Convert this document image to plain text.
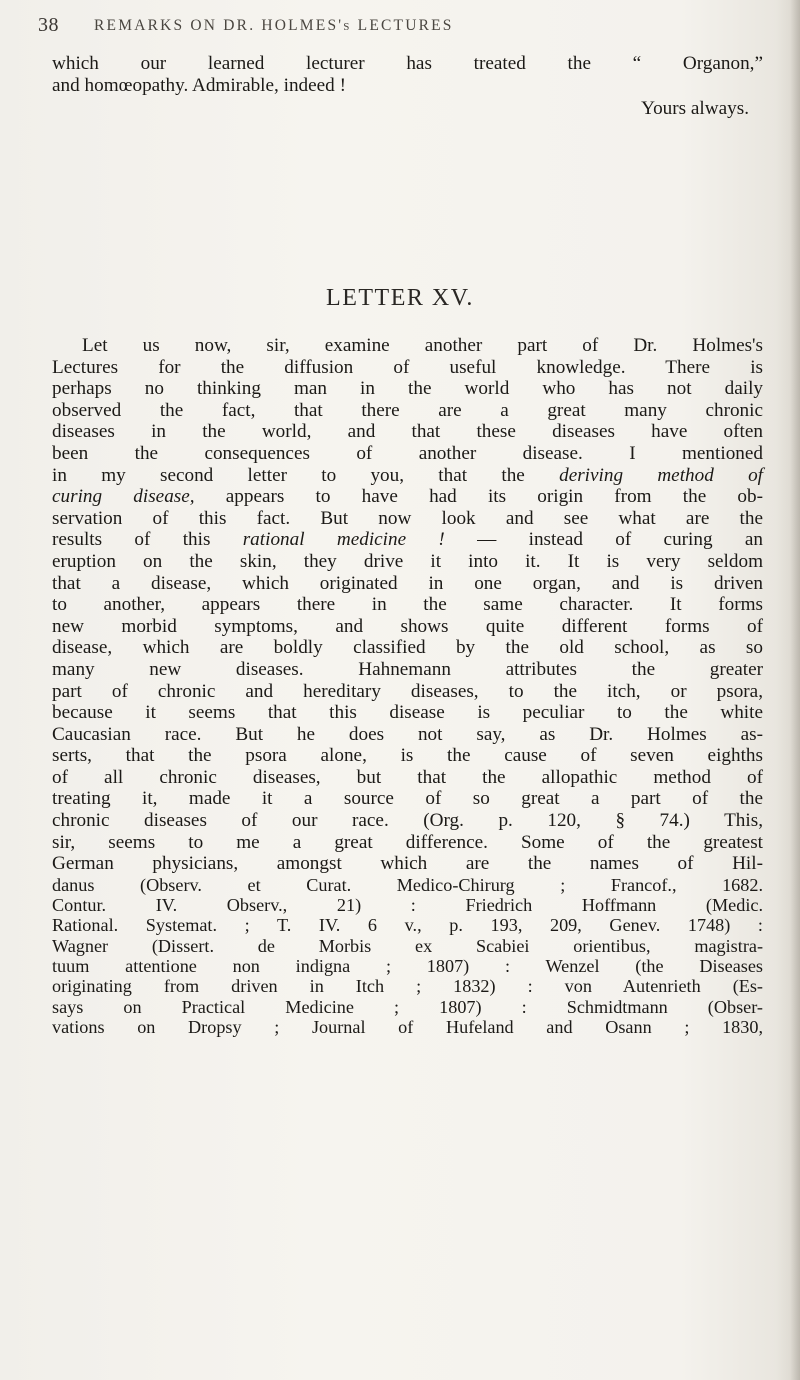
38 REMARKS ON DR. HOLMES's LECTURES
which our learned lecturer has treated the “ Organon,”
and homœopathy. Admirable, indeed !
Yours always.
LETTER XV.
Let us now, sir, examine another part of Dr. Holmes's
Lectures for the diffusion of useful knowledge. There is
perhaps no thinking man in the world who has not daily
observed the fact, that there are a great many chronic
diseases in the world, and that these diseases have often
been the consequences of another disease. I mentioned
in my second letter to you, that the deriving method of
curing disease, appears to have had its origin from the ob-
servation of this fact. But now look and see what are the
results of this rational medicine ! — instead of curing an
eruption on the skin, they drive it into it. It is very seldom
that a disease, which originated in one organ, and is driven
to another, appears there in the same character. It forms
new morbid symptoms, and shows quite different forms of
disease, which are boldly classified by the old school, as so
many new diseases. Hahnemann attributes the greater
part of chronic and hereditary diseases, to the itch, or psora,
because it seems that this disease is peculiar to the white
Caucasian race. But he does not say, as Dr. Holmes as-
serts, that the psora alone, is the cause of seven eighths
of all chronic diseases, but that the allopathic method of
treating it, made it a source of so great a part of the
chronic diseases of our race. (Org. p. 120, § 74.) This,
sir, seems to me a great difference. Some of the greatest
German physicians, amongst which are the names of Hil-
danus (Observ. et Curat. Medico-Chirurg ; Francof., 1682.
Contur. IV. Observ., 21) : Friedrich Hoffmann (Medic.
Rational. Systemat. ; T. IV. 6 v., p. 193, 209, Genev. 1748) :
Wagner (Dissert. de Morbis ex Scabiei orientibus, magistra-
tuum attentione non indigna ; 1807) : Wenzel (the Diseases
originating from driven in Itch ; 1832) : von Autenrieth (Es-
says on Practical Medicine ; 1807) : Schmidtmann (Obser-
vations on Dropsy ; Journal of Hufeland and Osann ; 1830,
